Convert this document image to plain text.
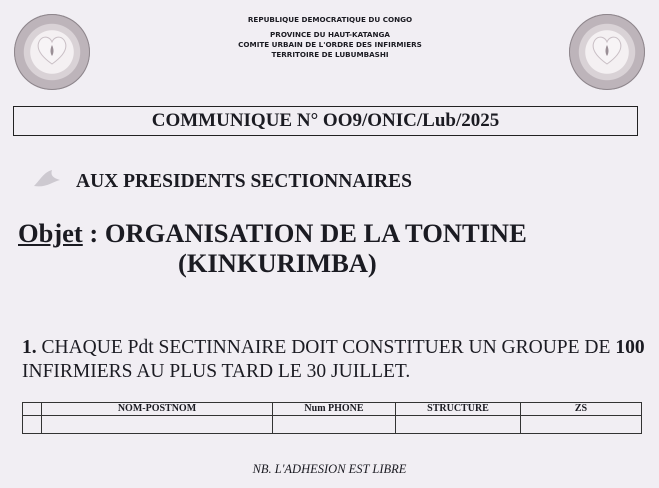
REPUBLIQUE DEMOCRATIQUE DU CONGO
PROVINCE DU HAUT-KATANGA
COMITE URBAIN DE L'ORDRE DES INFIRMIERS
TERRITOIRE DE LUBUMBASHI
COMMUNIQUE N° OO9/ONIC/Lub/2025
AUX PRESIDENTS SECTIONNAIRES
Objet : ORGANISATION DE LA TONTINE
(KINKURIMBA)
1. CHAQUE Pdt SECTINNAIRE DOIT CONSTITUER UN GROUPE DE 100 INFIRMIERS AU PLUS TARD LE 30 JUILLET.
	NOM-POSTNOM	Num PHONE	STRUCTURE	ZS

NB. L'ADHESION EST LIBRE
